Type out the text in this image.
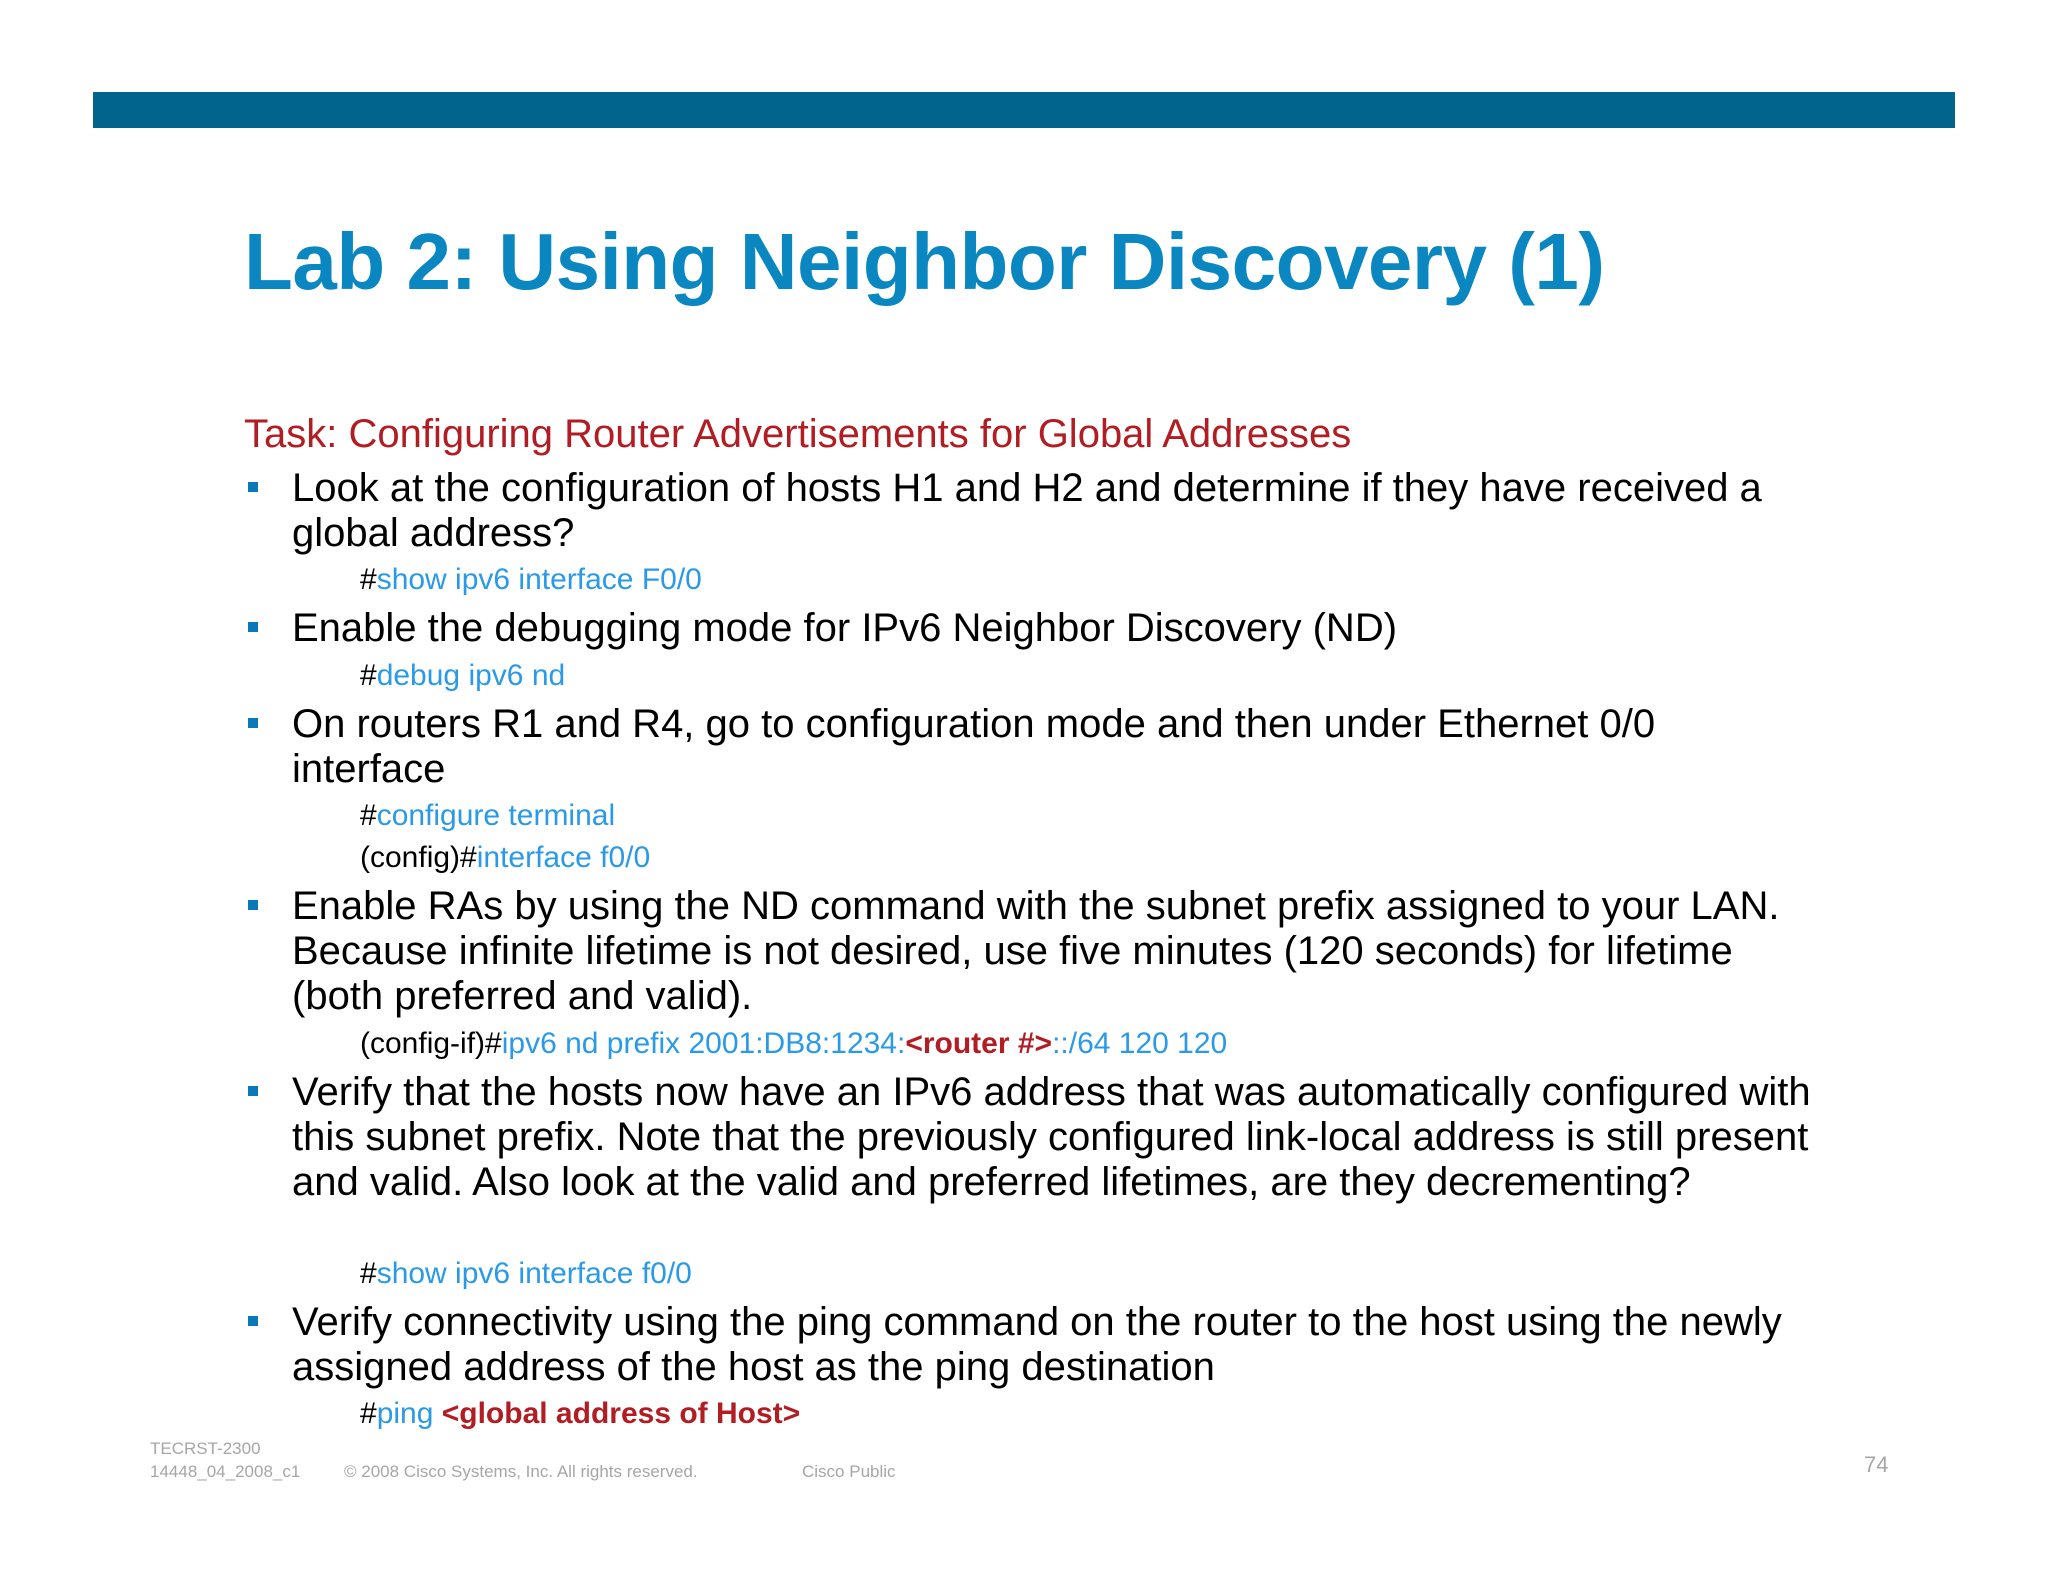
Lab 2: Using Neighbor Discovery (1)
Task: Configuring Router Advertisements for Global Addresses
Look at the configuration of hosts H1 and H2 and determine if they have received a global address?
#show ipv6 interface F0/0
Enable the debugging mode for IPv6 Neighbor Discovery (ND)
#debug ipv6 nd
On routers R1 and R4, go to configuration mode and then under Ethernet 0/0 interface
#configure terminal
(config)#interface f0/0
Enable RAs by using the ND command with the subnet prefix assigned to your LAN. Because infinite lifetime is not desired, use five minutes (120 seconds) for lifetime (both preferred and valid).
(config-if)#ipv6 nd prefix 2001:DB8:1234:<router #>::/64 120 120
Verify that the hosts now have an IPv6 address that was automatically configured with this subnet prefix. Note that the previously configured link-local address is still present and valid. Also look at the valid and preferred lifetimes, are they decrementing?
#show ipv6 interface f0/0
Verify connectivity using the ping command on the router to the host using the newly assigned address of the host as the ping destination
#ping <global address of Host>
TECRST-2300
14448_04_2008_c1	© 2008 Cisco Systems, Inc. All rights reserved.	Cisco Public	74
